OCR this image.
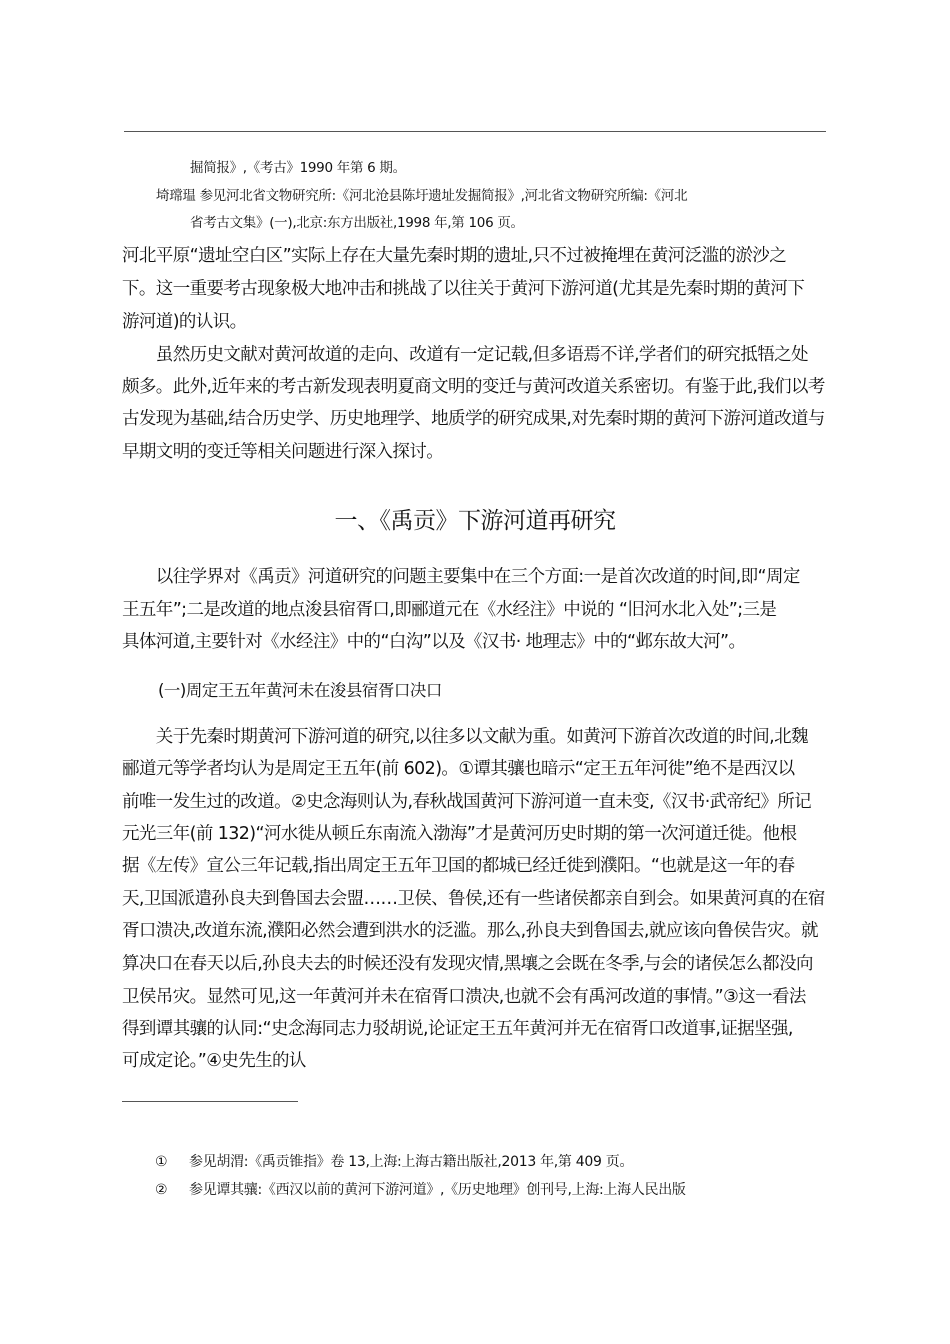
掘简报》,《考古》1990 年第 6 期。
埼瑺瑥 参见河北省文物研究所:《河北沧县陈圩遗址发掘简报》,河北省文物研究所编:《河北
省考古文集》(一),北京:东方出版社,1998 年,第 106 页。
河北平原“遗址空白区”实际上存在大量先秦时期的遗址,只不过被掩埋在黄河泛滥的淤沙之
下。这一重要考古现象极大地冲击和挑战了以往关于黄河下游河道(尤其是先秦时期的黄河下
游河道)的认识。
　　虽然历史文献对黄河故道的走向、改道有一定记载,但多语焉不详,学者们的研究抵牾之处
颇多。此外,近年来的考古新发现表明夏商文明的变迁与黄河改道关系密切。有鉴于此,我们以考
古发现为基础,结合历史学、历史地理学、地质学的研究成果,对先秦时期的黄河下游河道改道与
早期文明的变迁等相关问题进行深入探讨。
一、《禹贡》下游河道再研究
　　以往学界对《禹贡》河道研究的问题主要集中在三个方面:一是首次改道的时间,即“周定
王五年”;二是改道的地点浚县宿胥口,即郦道元在《水经注》中说的 “旧河水北入处”;三是
具体河道,主要针对《水经注》中的“白沟”以及《汉书· 地理志》中的“邺东故大河”。
(一)周定王五年黄河未在浚县宿胥口决口
　　关于先秦时期黄河下游河道的研究,以往多以文献为重。如黄河下游首次改道的时间,北魏
郦道元等学者均认为是周定王五年(前 602)。①谭其骧也暗示“定王五年河徙”绝不是西汉以
前唯一发生过的改道。②史念海则认为,春秋战国黄河下游河道一直未变,《汉书·武帝纪》所记
元光三年(前 132)“河水徙从顿丘东南流入渤海”才是黄河历史时期的第一次河道迁徙。他根
据《左传》宣公三年记载,指出周定王五年卫国的都城已经迁徙到濮阳。“也就是这一年的春
天,卫国派遣孙良夫到鲁国去会盟……卫侯、鲁侯,还有一些诸侯都亲自到会。如果黄河真的在宿
胥口溃决,改道东流,濮阳必然会遭到洪水的泛滥。那么,孙良夫到鲁国去,就应该向鲁侯告灾。就
算决口在春天以后,孙良夫去的时候还没有发现灾情,黑壤之会既在冬季,与会的诸侯怎么都没向
卫侯吊灾。显然可见,这一年黄河并未在宿胥口溃决,也就不会有禹河改道的事情。”③这一看法
得到谭其骧的认同:“史念海同志力驳胡说,论证定王五年黄河并无在宿胥口改道事,证据坚强,
可成定论。”④史先生的认
① 参见胡渭:《禹贡锥指》卷 13,上海:上海古籍出版社,2013 年,第 409 页。
② 参见谭其骧:《西汉以前的黄河下游河道》,《历史地理》创刊号,上海:上海人民出版
